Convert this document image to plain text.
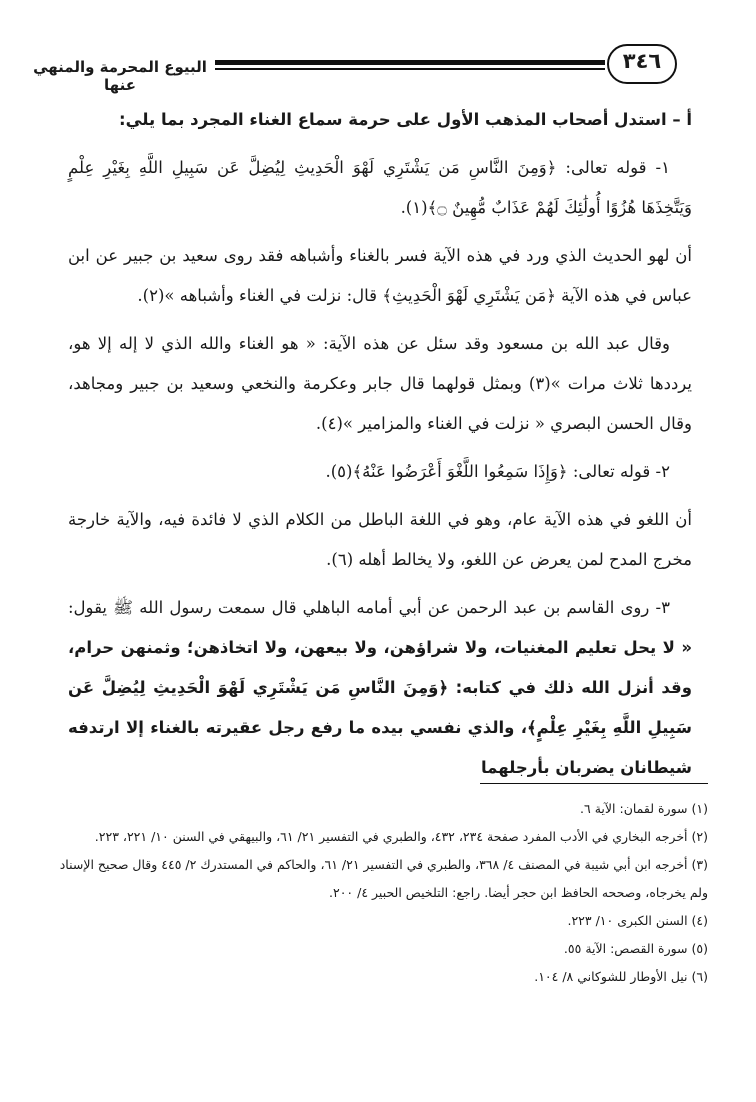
البيوع المحرمة والمنهي عنها
٣٤٦

أ – استدل أصحاب المذهب الأول على حرمة سماع الغناء المجرد بما يلي:

١- قوله تعالى: ﴿وَمِنَ النَّاسِ مَن يَشْتَرِي لَهْوَ الْحَدِيثِ لِيُضِلَّ عَن سَبِيلِ اللَّهِ بِغَيْرِ عِلْمٍ وَيَتَّخِذَهَا هُزُوًا أُولَٰئِكَ لَهُمْ عَذَابٌ مُّهِينٌ ۝﴾(١).

أن لهو الحديث الذي ورد في هذه الآية فسر بالغناء وأشباهه فقد روى سعيد بن جبير عن ابن عباس في هذه الآية ﴿مَن يَشْتَرِي لَهْوَ الْحَدِيثِ﴾ قال: نزلت في الغناء وأشباهه »(٢).

وقال عبد الله بن مسعود وقد سئل عن هذه الآية: « هو الغناء والله الذي لا إله إلا هو، يرددها ثلاث مرات »(٣) وبمثل قولهما قال جابر وعكرمة والنخعي وسعيد بن جبير ومجاهد، وقال الحسن البصري « نزلت في الغناء والمزامير »(٤).

٢- قوله تعالى: ﴿وَإِذَا سَمِعُوا اللَّغْوَ أَعْرَضُوا عَنْهُ﴾(٥).

أن اللغو في هذه الآية عام، وهو في اللغة الباطل من الكلام الذي لا فائدة فيه، والآية خارجة مخرج المدح لمن يعرض عن اللغو، ولا يخالط أهله (٦).

٣- روى القاسم بن عبد الرحمن عن أبي أمامه الباهلي قال سمعت رسول الله ﷺ يقول: « لا يحل تعليم المغنيات، ولا شراؤهن، ولا بيعهن، ولا اتخاذهن؛ وثمنهن حرام، وقد أنزل الله ذلك في كتابه: ﴿وَمِنَ النَّاسِ مَن يَشْتَرِي لَهْوَ الْحَدِيثِ لِيُضِلَّ عَن سَبِيلِ اللَّهِ بِغَيْرِ عِلْمٍ﴾، والذي نفسي بيده ما رفع رجل عقيرته بالغناء إلا ارتدفه شيطانان يضربان بأرجلهما

(١) سورة لقمان: الآية ٦.
(٢) أخرجه البخاري في الأدب المفرد صفحة ٢٣٤، ٤٣٢، والطبري في التفسير ٢١/ ٦١، والبيهقي في السنن ١٠/ ٢٢١، ٢٢٣.
(٣) أخرجه ابن أبي شيبة في المصنف ٤/ ٣٦٨، والطبري في التفسير ٢١/ ٦١، والحاكم في المستدرك ٢/ ٤٤٥ وقال صحيح الإسناد ولم يخرجاه، وصححه الحافظ ابن حجر أيضا. راجع: التلخيص الحبير ٤/ ٢٠٠.
(٤) السنن الكبرى ١٠/ ٢٢٣.
(٥) سورة القصص: الآية ٥٥.
(٦) نيل الأوطار للشوكاني ٨/ ١٠٤.
